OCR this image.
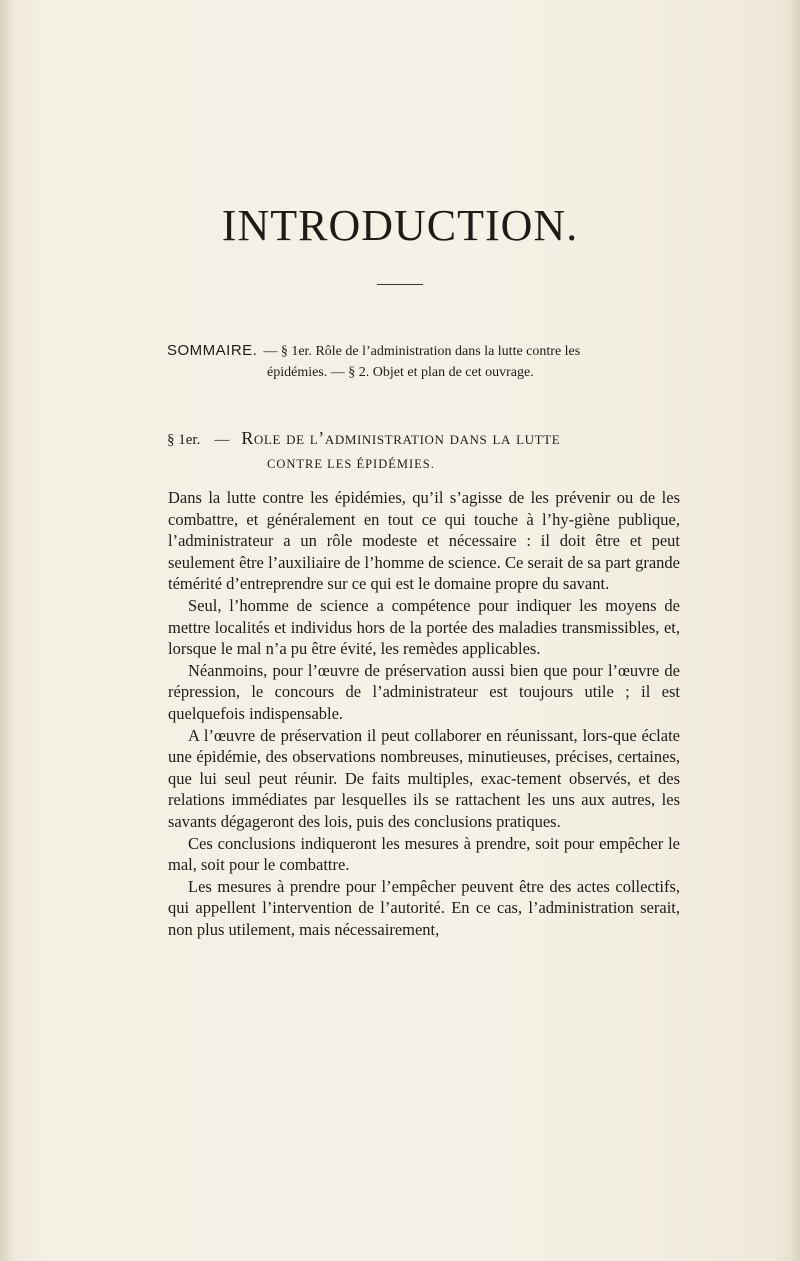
INTRODUCTION.
SOMMAIRE. — § 1er. Rôle de l’administration dans la lutte contre les
épidémies. — § 2. Objet et plan de cet ouvrage.
§ 1er. — Role de l’administration dans la lutte
CONTRE LES ÉPIDÉMIES.

Dans la lutte contre les épidémies, qu’il s’agisse de les prévenir ou de les combattre, et généralement en tout ce qui touche à l’hy-giène publique, l’administrateur a un rôle modeste et nécessaire : il doit être et peut seulement être l’auxiliaire de l’homme de science. Ce serait de sa part grande témérité d’entreprendre sur ce qui est le domaine propre du savant.

Seul, l’homme de science a compétence pour indiquer les moyens de mettre localités et individus hors de la portée des maladies transmissibles, et, lorsque le mal n’a pu être évité, les remèdes applicables.

Néanmoins, pour l’œuvre de préservation aussi bien que pour l’œuvre de répression, le concours de l’administrateur est toujours utile ; il est quelquefois indispensable.

A l’œuvre de préservation il peut collaborer en réunissant, lors-que éclate une épidémie, des observations nombreuses, minutieuses, précises, certaines, que lui seul peut réunir. De faits multiples, exac-tement observés, et des relations immédiates par lesquelles ils se rattachent les uns aux autres, les savants dégageront des lois, puis des conclusions pratiques.

Ces conclusions indiqueront les mesures à prendre, soit pour empêcher le mal, soit pour le combattre.

Les mesures à prendre pour l’empêcher peuvent être des actes collectifs, qui appellent l’intervention de l’autorité. En ce cas, l’administration serait, non plus utilement, mais nécessairement,
